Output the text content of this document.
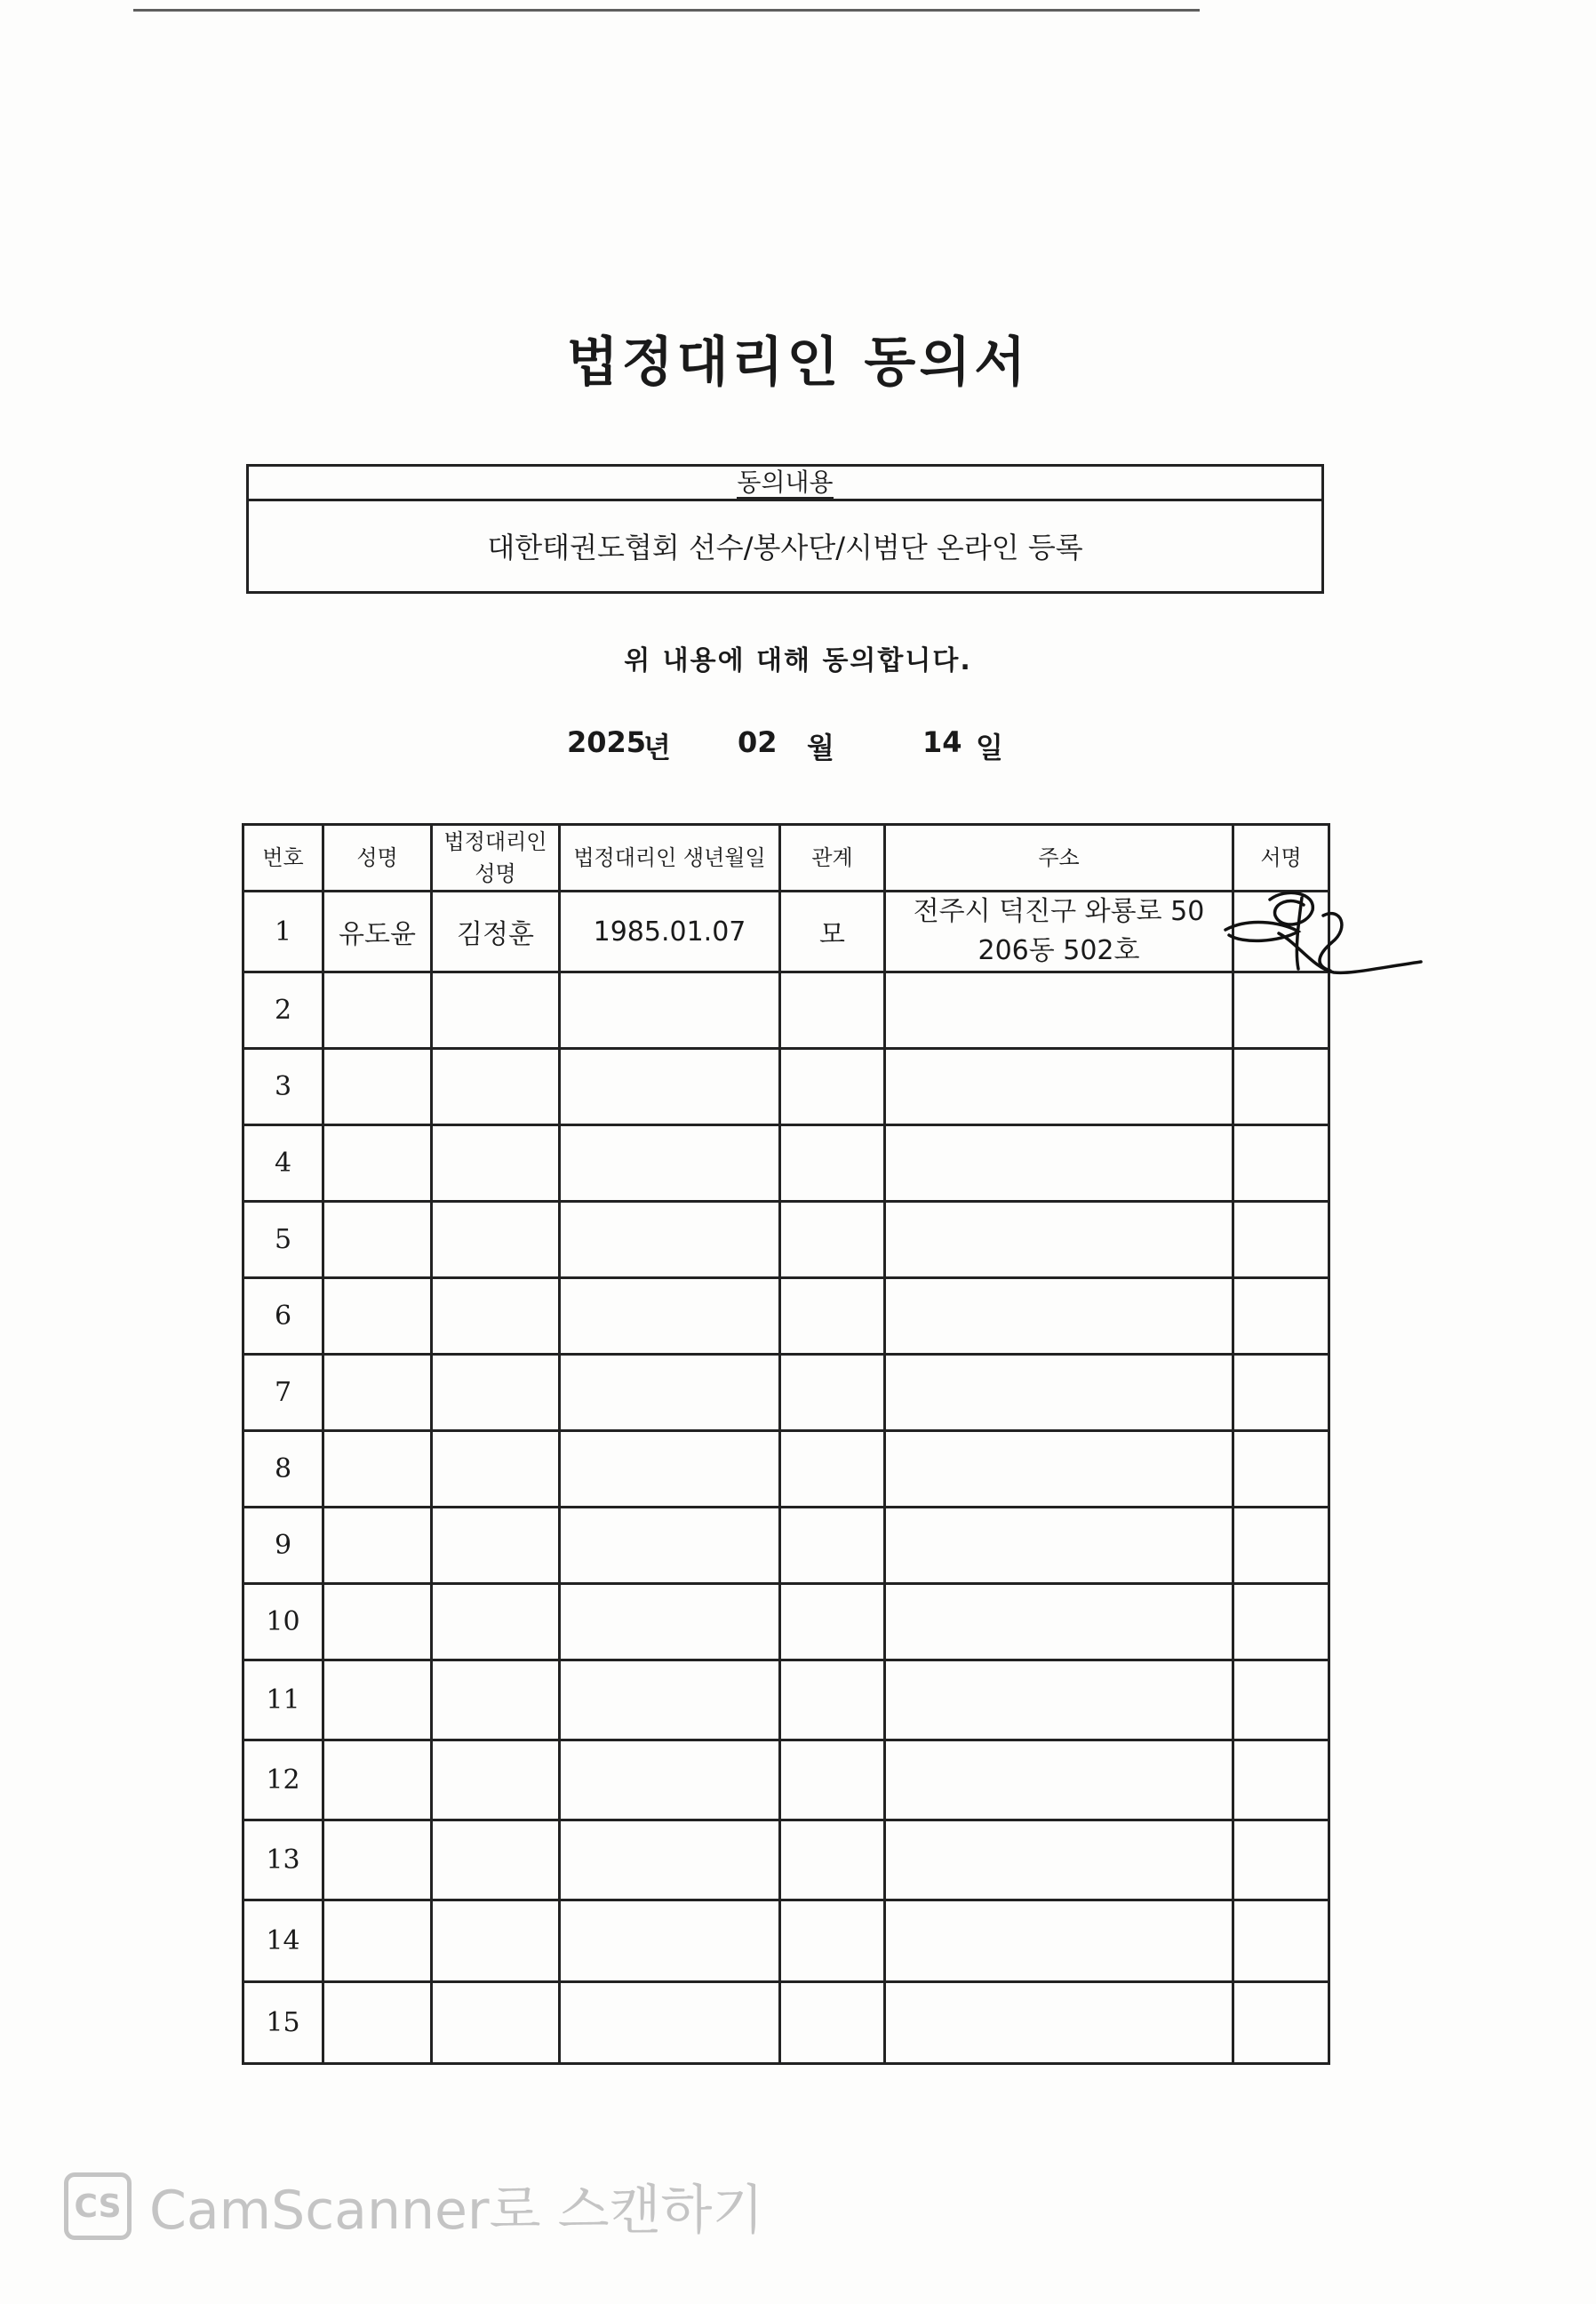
법정대리인 동의서
동의내용
대한태권도협회 선수/봉사단/시범단 온라인 등록
위 내용에 대해 동의합니다.
2025
년 02 월	14 일
번호	성명	법정대리인 성명	법정대리인 생년월일	관계	주소	서명
1	유도윤	김정훈	1985.01.07	모	전주시 덕진구 와룡로 50
206동 502호

2						
3						
4						
5						
6						
7						
8						
9						
10						
11						
12						
13						
14						
15						
CS CamScanner로 스캔하기
